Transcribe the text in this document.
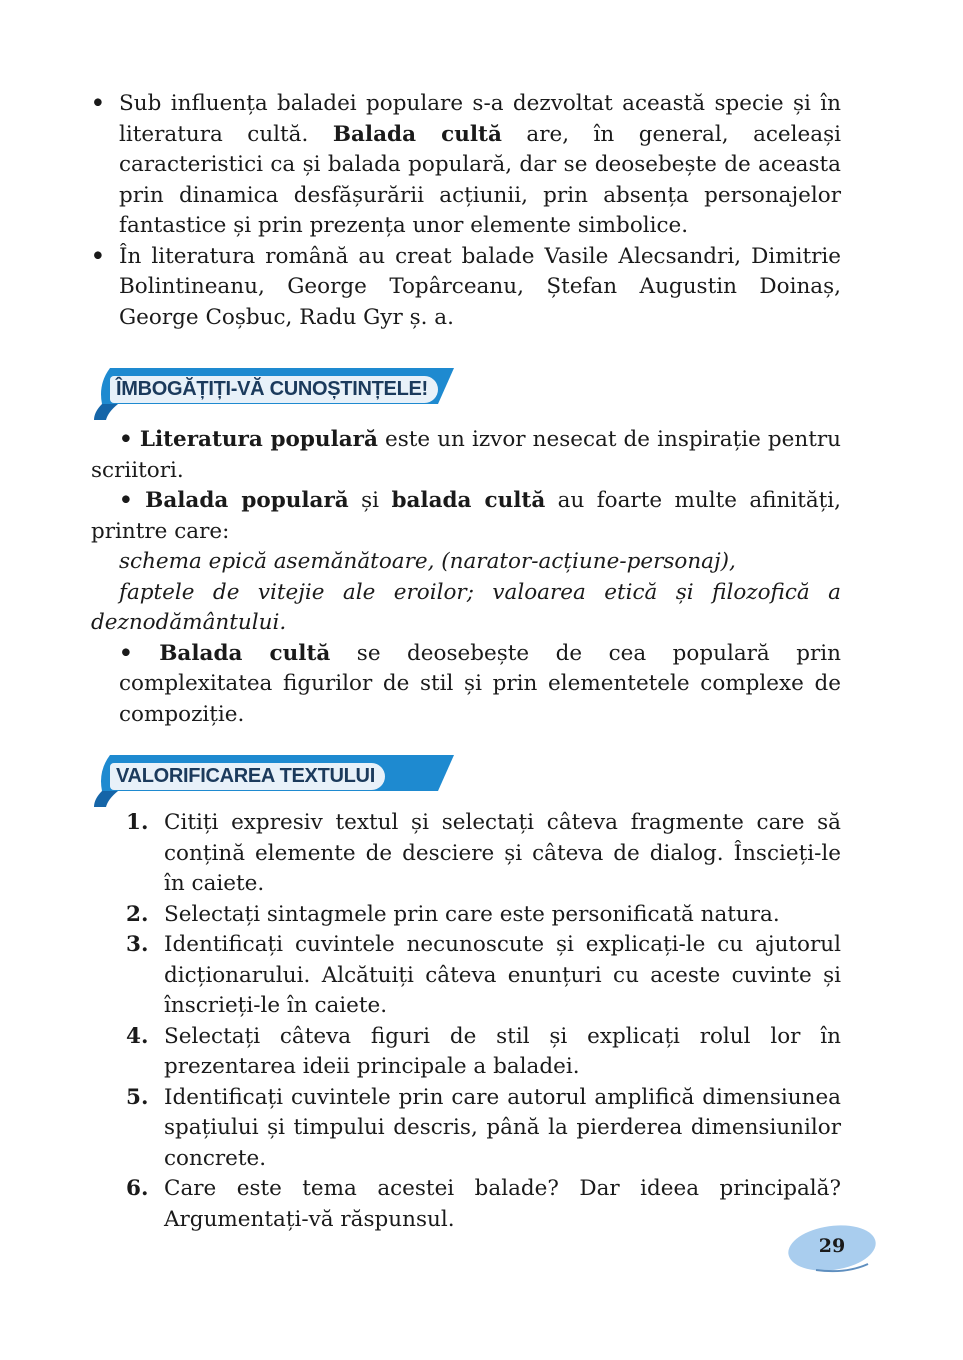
• Sub influența baladei populare s-a dezvoltat această specie și în literatura cultă. Balada cultă are, în general, aceleași caracteristici ca și balada populară, dar se deosebește de aceasta prin dinamica desfășurării acțiunii, prin absența personajelor fantastice și prin prezența unor elemente simbolice.
• În literatura română au creat balade Vasile Alecsandri, Dimitrie Bolintineanu, George Topârceanu, Ștefan Augustin Doinaș, George Coșbuc, Radu Gyr ș. a.
ÎMBOGĂȚIȚI-VĂ CUNOȘTINȚELE!
• Literatura populară este un izvor nesecat de inspirație pentru scriitori.
• Balada populară și balada cultă au foarte multe afinități, printre care:
schema epică asemănătoare, (narator-acțiune-personaj),
faptele de vitejie ale eroilor; valoarea etică și filozofică a deznodământului.
• Balada cultă se deosebește de cea populară prin complexitatea figurilor de stil și prin elementetele complexe de compoziție.
VALORIFICAREA TEXTULUI
1. Citiți expresiv textul și selectați câteva fragmente care să conțină elemente de desciere și câteva de dialog. Înscieți-le în caiete.
2. Selectați sintagmele prin care este personificată natura.
3. Identificați cuvintele necunoscute și explicați-le cu ajutorul dicționarului. Alcătuiți câteva enunțuri cu aceste cuvinte și înscrieți-le în caiete.
4. Selectați câteva figuri de stil și explicați rolul lor în prezentarea ideii principale a baladei.
5. Identificați cuvintele prin care autorul amplifică dimensiunea spațiului și timpului descris, până la pierderea dimensiunilor concrete.
6. Care este tema acestei balade? Dar ideea principală? Argumentați-vă răspunsul.
29
